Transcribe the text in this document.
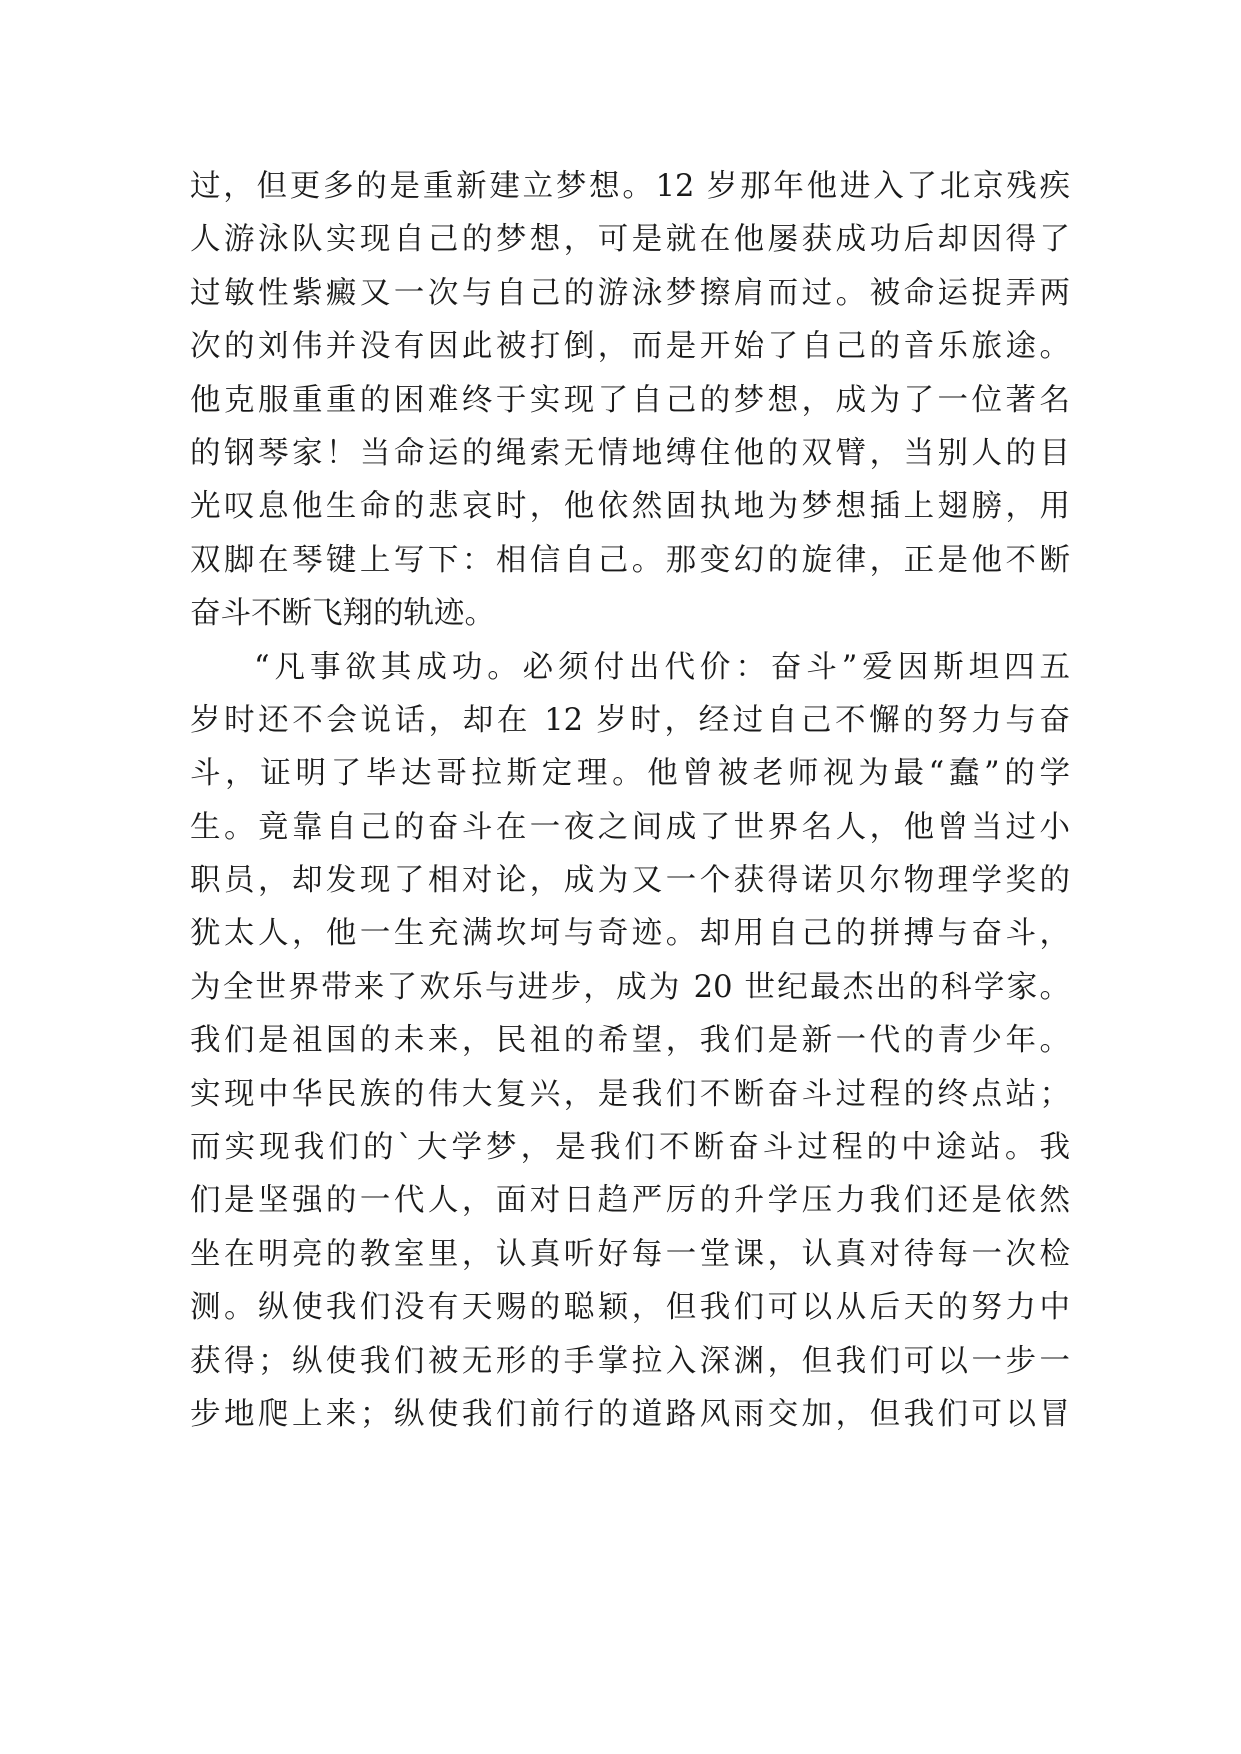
过，但更多的是重新建立梦想。12 岁那年他进入了北京残疾
人游泳队实现自己的梦想，可是就在他屡获成功后却因得了
过敏性紫癜又一次与自己的游泳梦擦肩而过。被命运捉弄两
次的刘伟并没有因此被打倒，而是开始了自己的音乐旅途。
他克服重重的困难终于实现了自己的梦想，成为了一位著名
的钢琴家！当命运的绳索无情地缚住他的双臂，当别人的目
光叹息他生命的悲哀时，他依然固执地为梦想插上翅膀，用
双脚在琴键上写下：相信自己。那变幻的旋律，正是他不断
奋斗不断飞翔的轨迹。
“凡事欲其成功。必须付出代价：奋斗”爱因斯坦四五
岁时还不会说话，却在 12 岁时，经过自己不懈的努力与奋
斗，证明了毕达哥拉斯定理。他曾被老师视为最“蠢”的学
生。竟靠自己的奋斗在一夜之间成了世界名人，他曾当过小
职员，却发现了相对论，成为又一个获得诺贝尔物理学奖的
犹太人，他一生充满坎坷与奇迹。却用自己的拼搏与奋斗，
为全世界带来了欢乐与进步，成为 20 世纪最杰出的科学家。
我们是祖国的未来，民祖的希望，我们是新一代的青少年。
实现中华民族的伟大复兴，是我们不断奋斗过程的终点站；
而实现我们的`大学梦，是我们不断奋斗过程的中途站。我
们是坚强的一代人，面对日趋严厉的升学压力我们还是依然
坐在明亮的教室里，认真听好每一堂课，认真对待每一次检
测。纵使我们没有天赐的聪颖，但我们可以从后天的努力中
获得；纵使我们被无形的手掌拉入深渊，但我们可以一步一
步地爬上来；纵使我们前行的道路风雨交加，但我们可以冒
